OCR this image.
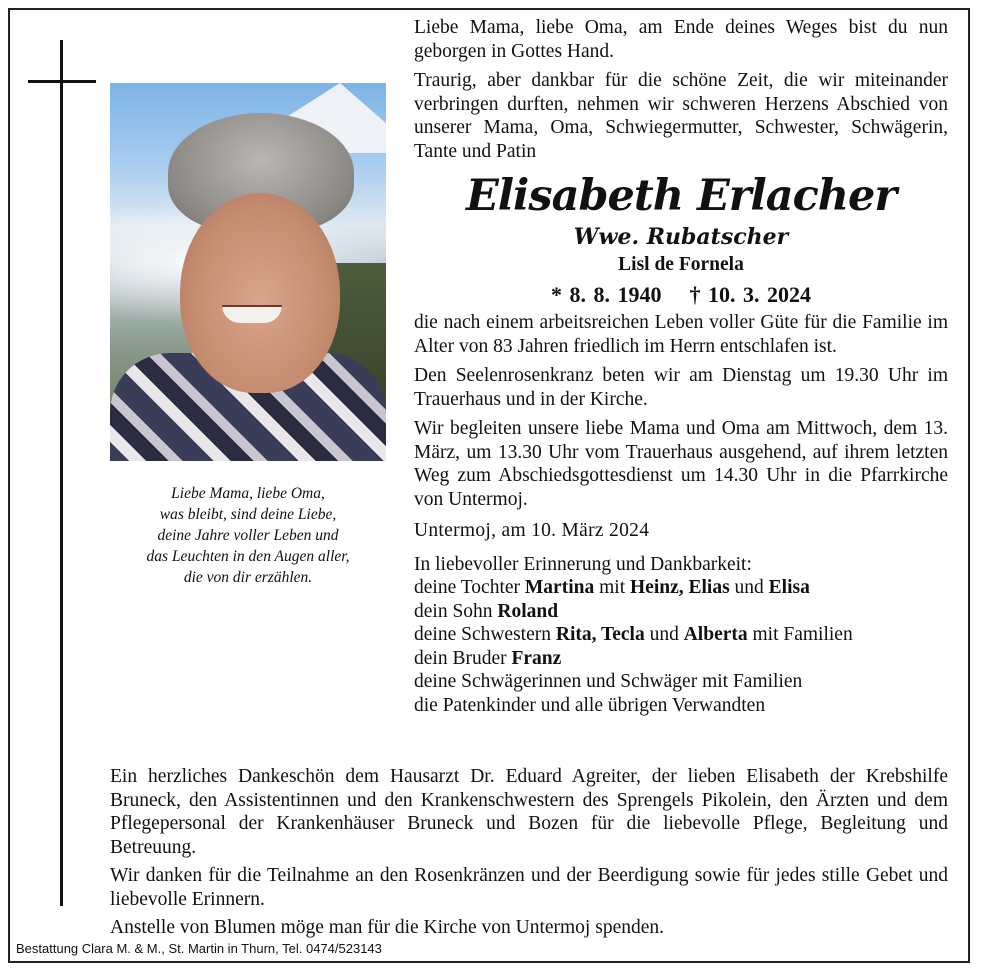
Liebe Mama, liebe Oma,
was bleibt, sind deine Liebe,
deine Jahre voller Leben und
das Leuchten in den Augen aller,
die von dir erzählen.

Liebe Mama, liebe Oma, am Ende deines Weges bist du nun geborgen in Gottes Hand.

Traurig, aber dankbar für die schöne Zeit, die wir miteinander verbringen durften, nehmen wir schweren Herzens Abschied von unserer Mama, Oma, Schwiegermutter, Schwester, Schwägerin, Tante und Patin

Elisabeth Erlacher
Wwe. Rubatscher
Lisl de Fornela
* 8. 8. 1940 † 10. 3. 2024

die nach einem arbeitsreichen Leben voller Güte für die Familie im Alter von 83 Jahren friedlich im Herrn entschlafen ist.

Den Seelenrosenkranz beten wir am Dienstag um 19.30 Uhr im Trauerhaus und in der Kirche.

Wir begleiten unsere liebe Mama und Oma am Mittwoch, dem 13. März, um 13.30 Uhr vom Trauerhaus ausgehend, auf ihrem letzten Weg zum Abschiedsgottesdienst um 14.30 Uhr in die Pfarrkirche von Untermoj.

Untermoj, am 10. März 2024

In liebevoller Erinnerung und Dankbarkeit:
deine Tochter Martina mit Heinz, Elias und Elisa
dein Sohn Roland
deine Schwestern Rita, Tecla und Alberta mit Familien
dein Bruder Franz
deine Schwägerinnen und Schwäger mit Familien
die Patenkinder und alle übrigen Verwandten

Ein herzliches Dankeschön dem Hausarzt Dr. Eduard Agreiter, der lieben Elisabeth der Krebshilfe Bruneck, den Assistentinnen und den Krankenschwestern des Sprengels Pikolein, den Ärzten und dem Pflegepersonal der Krankenhäuser Bruneck und Bozen für die liebevolle Pflege, Begleitung und Betreuung.

Wir danken für die Teilnahme an den Rosenkränzen und der Beerdigung sowie für jedes stille Gebet und liebevolle Erinnern.

Anstelle von Blumen möge man für die Kirche von Untermoj spenden.

Bestattung Clara M. & M., St. Martin in Thurn, Tel. 0474/523143
